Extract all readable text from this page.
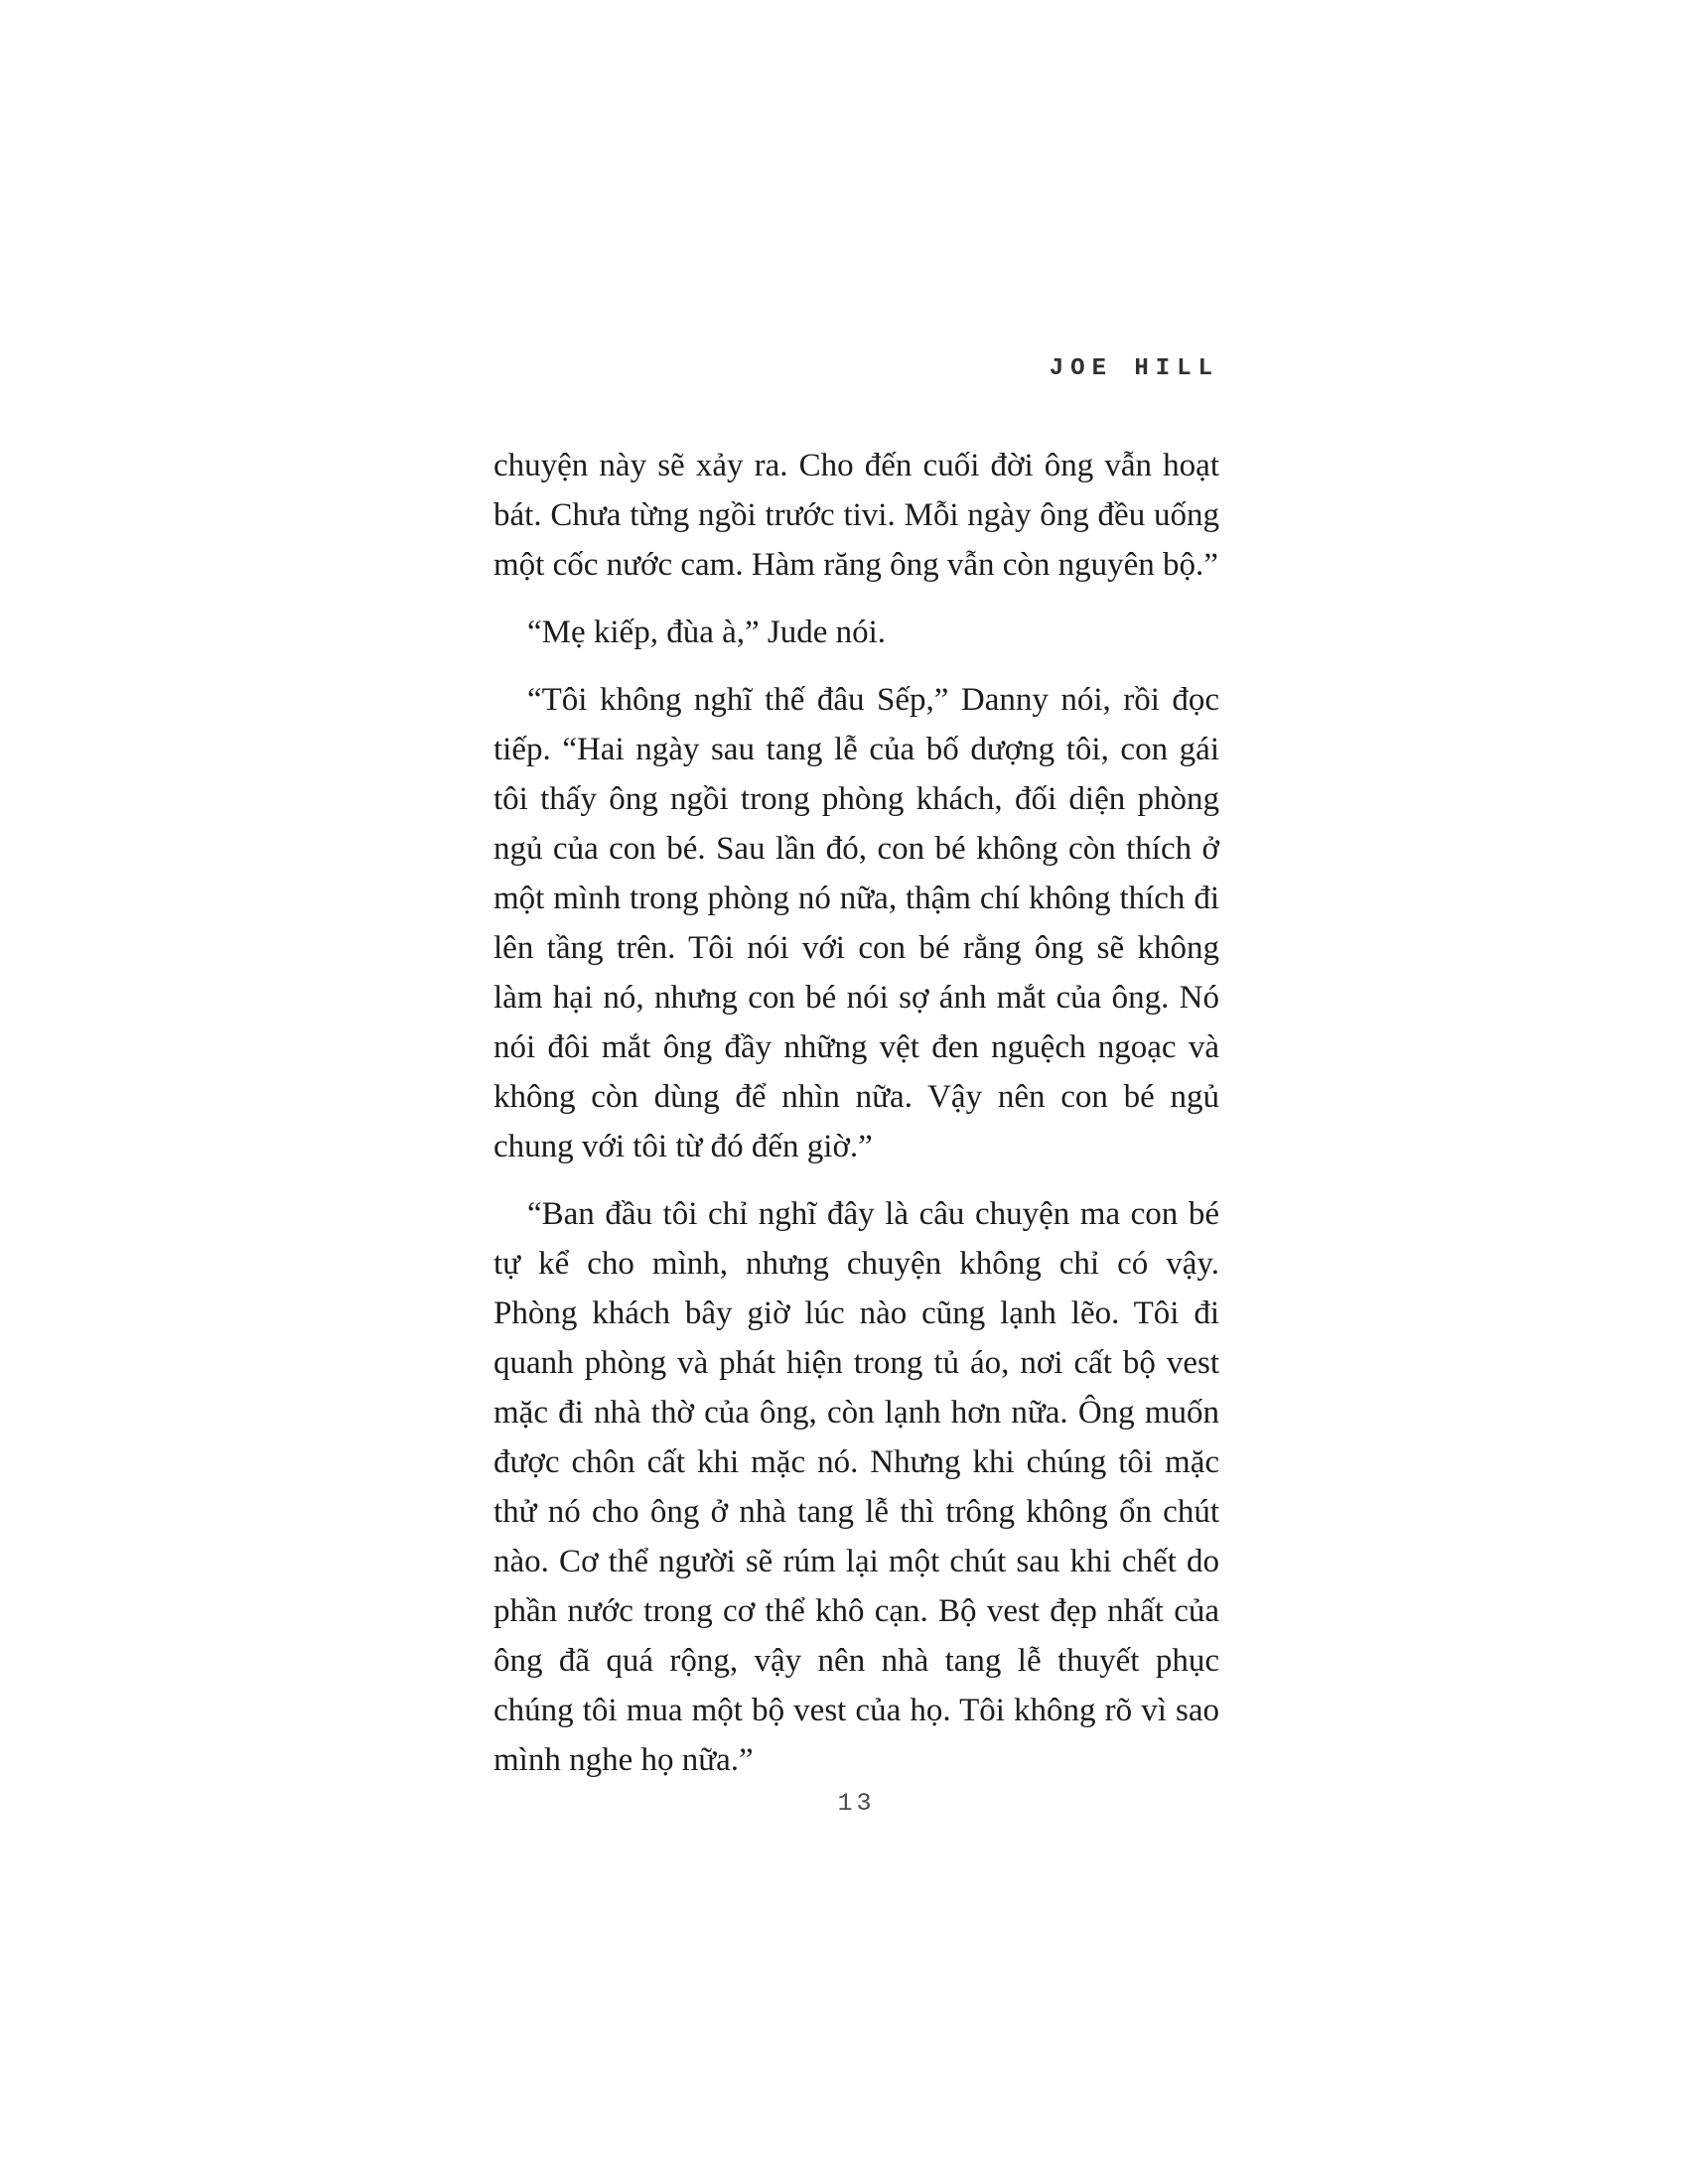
JOE HILL

chuyện này sẽ xảy ra. Cho đến cuối đời ông vẫn hoạt bát. Chưa từng ngồi trước tivi. Mỗi ngày ông đều uống một cốc nước cam. Hàm răng ông vẫn còn nguyên bộ.”

“Mẹ kiếp, đùa à,” Jude nói.

“Tôi không nghĩ thế đâu Sếp,” Danny nói, rồi đọc tiếp. “Hai ngày sau tang lễ của bố dượng tôi, con gái tôi thấy ông ngồi trong phòng khách, đối diện phòng ngủ của con bé. Sau lần đó, con bé không còn thích ở một mình trong phòng nó nữa, thậm chí không thích đi lên tầng trên. Tôi nói với con bé rằng ông sẽ không làm hại nó, nhưng con bé nói sợ ánh mắt của ông. Nó nói đôi mắt ông đầy những vệt đen nguệch ngoạc và không còn dùng để nhìn nữa. Vậy nên con bé ngủ chung với tôi từ đó đến giờ.”

“Ban đầu tôi chỉ nghĩ đây là câu chuyện ma con bé tự kể cho mình, nhưng chuyện không chỉ có vậy. Phòng khách bây giờ lúc nào cũng lạnh lẽo. Tôi đi quanh phòng và phát hiện trong tủ áo, nơi cất bộ vest mặc đi nhà thờ của ông, còn lạnh hơn nữa. Ông muốn được chôn cất khi mặc nó. Nhưng khi chúng tôi mặc thử nó cho ông ở nhà tang lễ thì trông không ổn chút nào. Cơ thể người sẽ rúm lại một chút sau khi chết do phần nước trong cơ thể khô cạn. Bộ vest đẹp nhất của ông đã quá rộng, vậy nên nhà tang lễ thuyết phục chúng tôi mua một bộ vest của họ. Tôi không rõ vì sao mình nghe họ nữa.”

13
